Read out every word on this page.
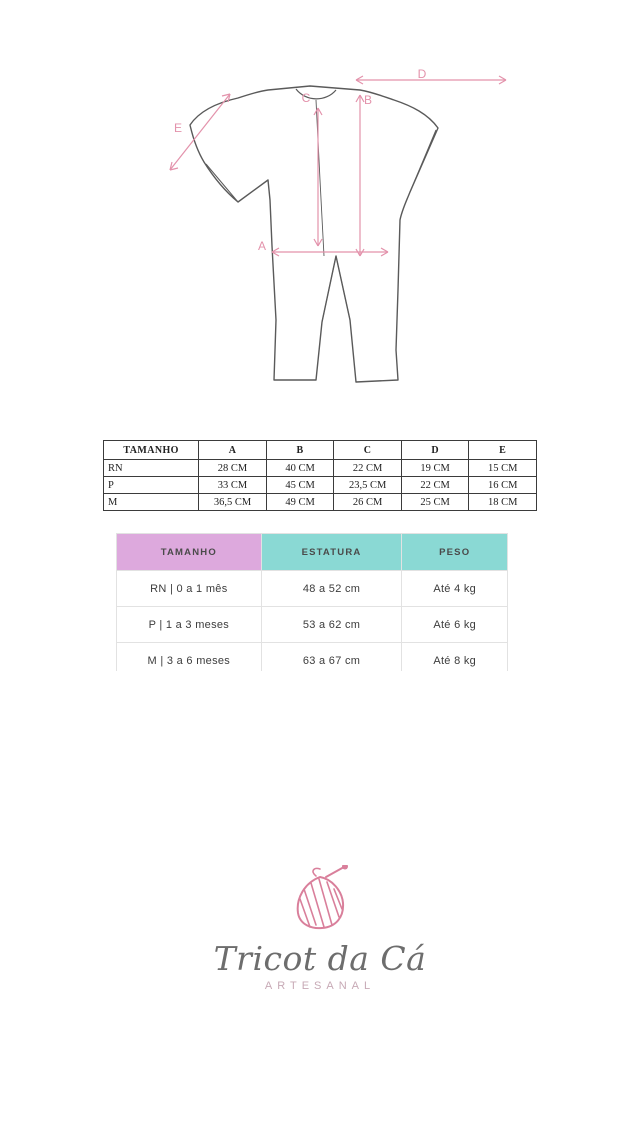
D
B
C
A
E
TAMANHO	A	B	C	D	E
RN	28 CM	40 CM	22 CM	19 CM	15 CM
P	33 CM	45 CM	23,5 CM	22 CM	16 CM
M	36,5 CM	49 CM	26 CM	25 CM	18 CM
TAMANHO	ESTATURA	PESO
RN | 0 a 1 mês	48 a 52 cm	Até 4 kg
P | 1 a 3 meses	53 a 62 cm	Até 6 kg
M | 3 a 6 meses	63 a 67 cm	Até 8 kg
Tricot da Cá
ARTESANAL
